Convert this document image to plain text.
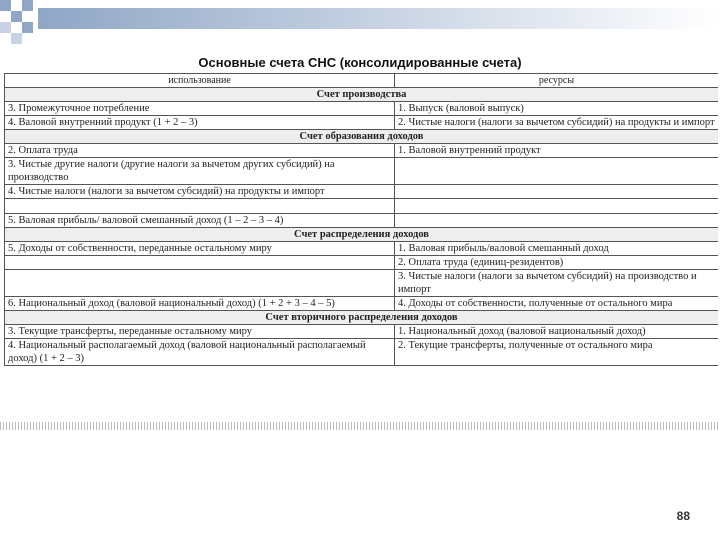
Основные счета СНС (консолидированные счета)
использование	ресурсы
Счет производства	
3. Промежуточное потребление	1. Выпуск (валовой выпуск)
4. Валовой внутренний продукт (1 + 2 – 3)	2. Чистые налоги (налоги за вычетом субсидий) на продукты и импорт
Счет образования доходов	
2. Оплата труда	1. Валовой внутренний продукт
3. Чистые другие налоги (другие налоги за вычетом других субсидий) на производство	
4. Чистые налоги (налоги за вычетом субсидий) на продукты и импорт	

5. Валовая прибыль/ валовой смешанный доход (1 – 2 – 3 – 4)	
Счет распределения доходов	
5. Доходы от собственности, переданные остальному миру	1. Валовая прибыль/валовой смешанный доход
	2. Оплата труда (единиц-резидентов)
	3. Чистые налоги (налоги за вычетом субсидий) на производство и импорт
6. Национальный доход (валовой национальный доход) (1 + 2 + 3 – 4 – 5)	4. Доходы от собственности, полученные от остального мира
Счет вторичного распределения доходов	
3. Текущие трансферты, переданные остальному миру	1. Национальный доход (валовой национальный доход)
4. Национальный располагаемый доход (валовой национальный располагаемый доход) (1 + 2 – 3)	2. Текущие трансферты, полученные от остального мира
88
